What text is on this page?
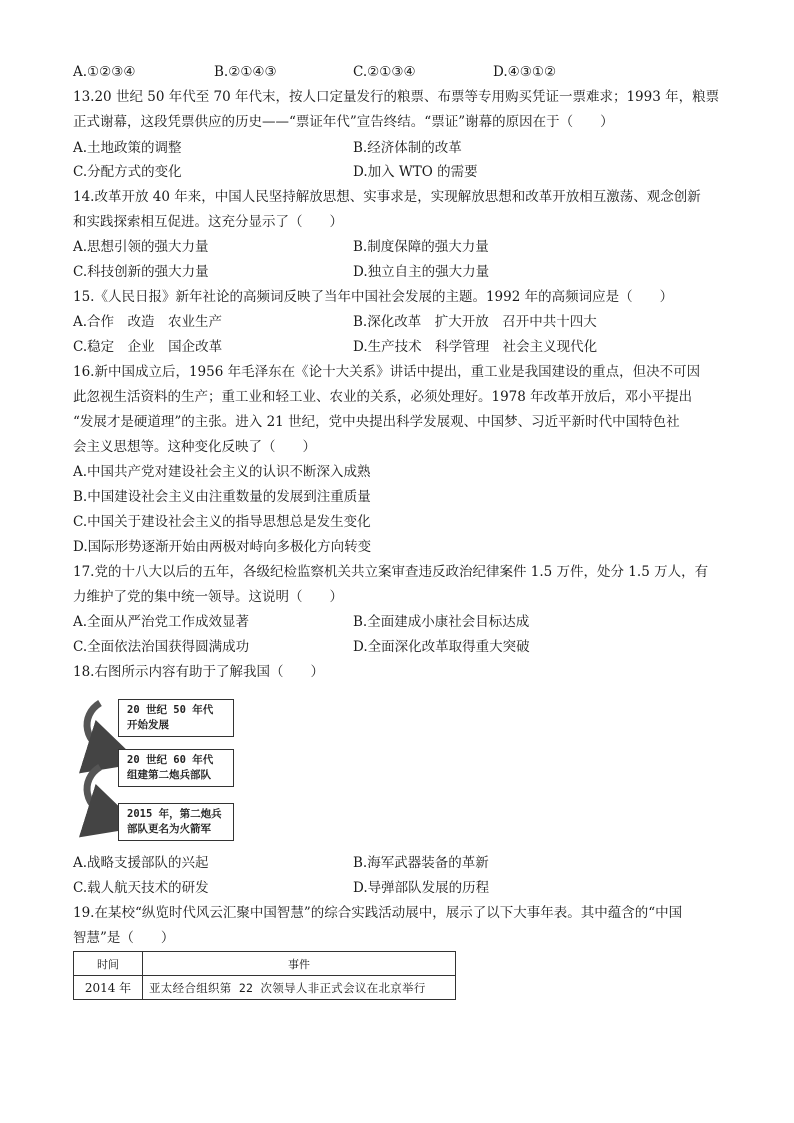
A.①②③④	B.②①④③	C.②①③④	D.④③①②
13.20 世纪 50 年代至 70 年代末，按人口定量发行的粮票、布票等专用购买凭证一票难求；1993 年，粮票
正式谢幕，这段凭票供应的历史——“票证年代”宣告终结。“票证”谢幕的原因在于（　　）
A.土地政策的调整	B.经济体制的改革
C.分配方式的变化	D.加入 WTO 的需要
14.改革开放 40 年来，中国人民坚持解放思想、实事求是，实现解放思想和改革开放相互激荡、观念创新
和实践探索相互促进。这充分显示了（　　）
A.思想引领的强大力量	B.制度保障的强大力量
C.科技创新的强大力量	D.独立自主的强大力量
15.《人民日报》新年社论的高频词反映了当年中国社会发展的主题。1992 年的高频词应是（　　）
A.合作　改造　农业生产	B.深化改革　扩大开放　召开中共十四大
C.稳定　企业　国企改革	D.生产技术　科学管理　社会主义现代化
16.新中国成立后，1956 年毛泽东在《论十大关系》讲话中提出，重工业是我国建设的重点，但决不可因
此忽视生活资料的生产；重工业和轻工业、农业的关系，必须处理好。1978 年改革开放后，邓小平提出
“发展才是硬道理”的主张。进入 21 世纪，党中央提出科学发展观、中国梦、习近平新时代中国特色社
会主义思想等。这种变化反映了（　　）
A.中国共产党对建设社会主义的认识不断深入成熟
B.中国建设社会主义由注重数量的发展到注重质量
C.中国关于建设社会主义的指导思想总是发生变化
D.国际形势逐渐开始由两极对峙向多极化方向转变
17.党的十八大以后的五年，各级纪检监察机关共立案审查违反政治纪律案件 1.5 万件，处分 1.5 万人，有
力维护了党的集中统一领导。这说明（　　）
A.全面从严治党工作成效显著	B.全面建成小康社会目标达成
C.全面依法治国获得圆满成功	D.全面深化改革取得重大突破
18.右图所示内容有助于了解我国（　　）
20 世纪 50 年代
开始发展
20 世纪 60 年代
组建第二炮兵部队
2015 年，第二炮兵
部队更名为火箭军
A.战略支援部队的兴起	B.海军武器装备的革新
C.载人航天技术的研发	D.导弹部队发展的历程
19.在某校“纵览时代风云汇聚中国智慧”的综合实践活动展中，展示了以下大事年表。其中蕴含的“中国
智慧”是（　　）
时间	事件
2014 年	亚太经合组织第 22 次领导人非正式会议在北京举行
